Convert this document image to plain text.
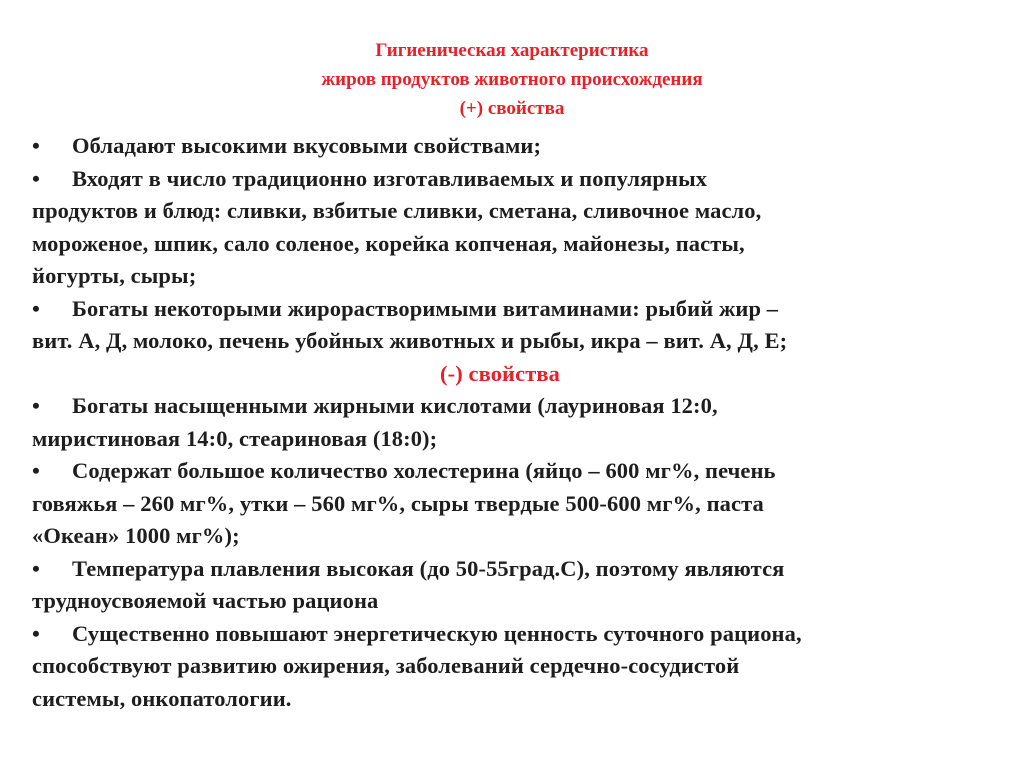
Гигиеническая характеристика
жиров продуктов животного происхождения
(+) свойства
•	Обладают высокими вкусовыми свойствами;
•	Входят в число традиционно изготавливаемых и популярных
продуктов и блюд: сливки, взбитые сливки, сметана, сливочное масло,
мороженое, шпик, сало соленое, корейка копченая, майонезы, пасты,
йогурты, сыры;
•	Богаты некоторыми жирорастворимыми витаминами: рыбий жир –
вит. А, Д, молоко, печень убойных животных и рыбы, икра – вит. А, Д, Е;
(-) свойства
•	Богаты насыщенными жирными кислотами (лауриновая 12:0,
миристиновая 14:0, стеариновая (18:0);
•	Содержат большое количество холестерина (яйцо – 600 мг%, печень
говяжья – 260 мг%, утки – 560 мг%, сыры твердые 500-600 мг%, паста
«Океан» 1000 мг%);
•	Температура плавления высокая (до 50-55град.С), поэтому являются
трудноусвояемой частью рациона
•	Существенно повышают энергетическую ценность суточного рациона,
способствуют развитию ожирения, заболеваний сердечно-сосудистой
системы, онкопатологии.
